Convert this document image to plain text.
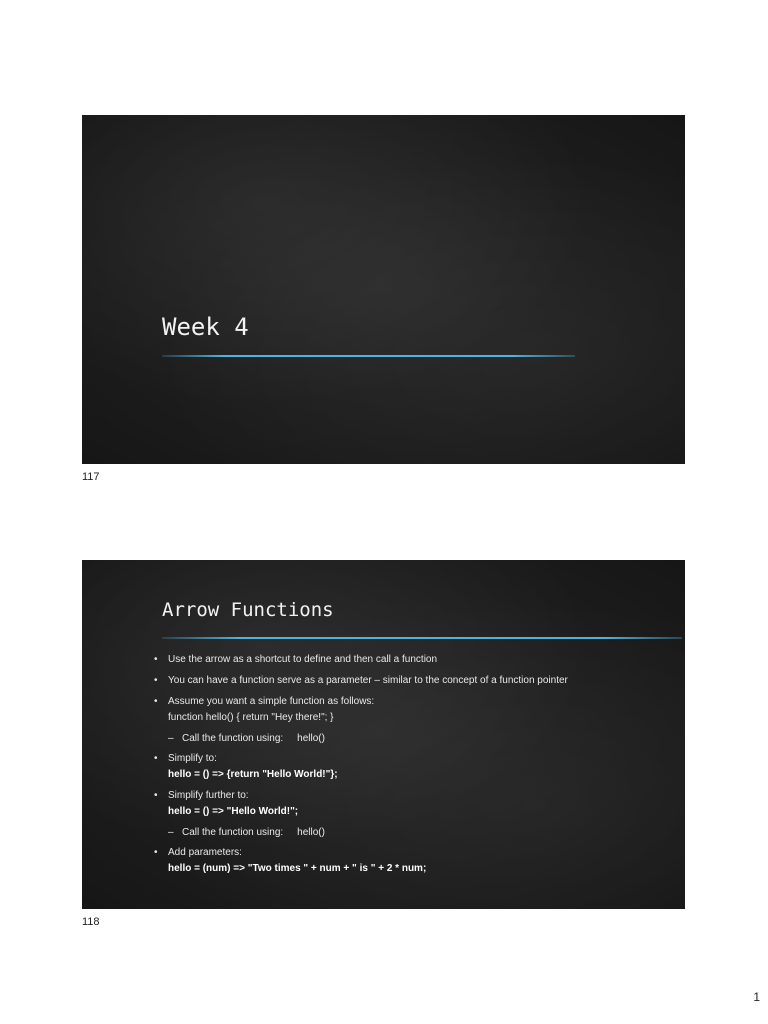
Week 4
117
Arrow Functions
• Use the arrow as a shortcut to define and then call a function
• You can have a function serve as a parameter – similar to the concept of a function pointer
• Assume you want a simple function as follows:
function hello() { return "Hey there!"; }
– Call the function using: hello()
• Simplify to:
hello = () => {return "Hello World!"};
• Simplify further to:
hello = () => "Hello World!";
– Call the function using: hello()
• Add parameters:
hello = (num) => "Two times " + num + " is " + 2 * num;
118
1
